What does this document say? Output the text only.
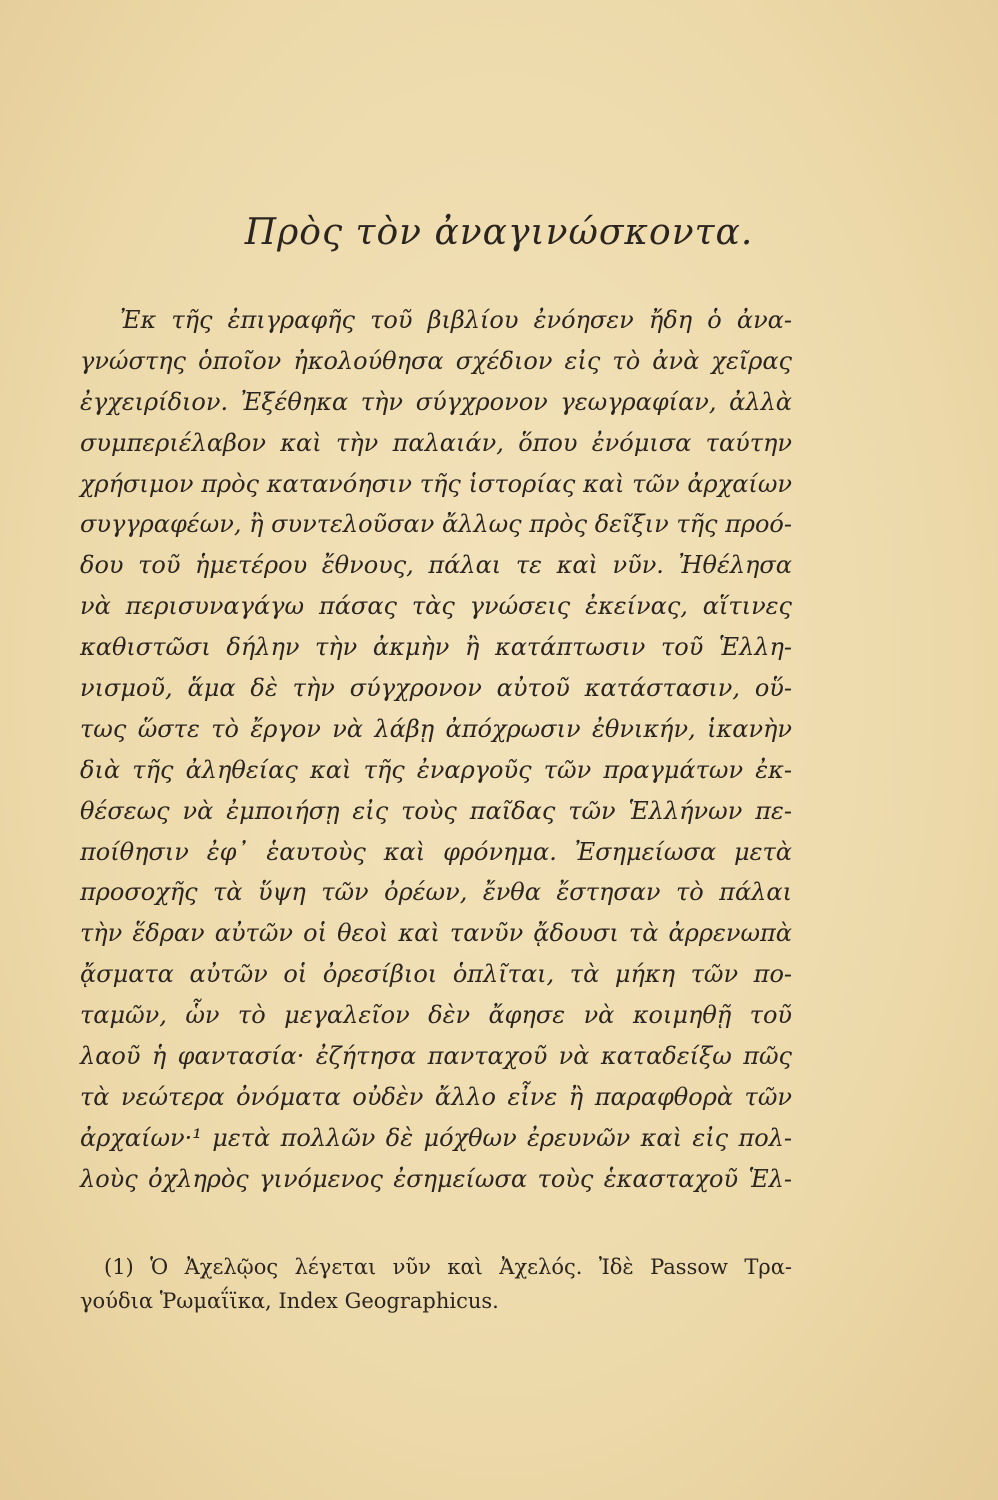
Πρὸς τὸν ἀναγινώσκοντα.
Ἐκ τῆς ἐπιγραφῆς τοῦ βιβλίου ἐνόησεν ἤδη ὁ ἀνα-
γνώστης ὁποῖον ἠκολούθησα σχέδιον εἰς τὸ ἀνὰ χεῖρας
ἐγχειρίδιον. Ἐξέθηκα τὴν σύγχρονον γεωγραφίαν, ἀλλὰ
συμπεριέλαβον καὶ τὴν παλαιάν, ὅπου ἐνόμισα ταύτην
χρήσιμον πρὸς κατανόησιν τῆς ἱστορίας καὶ τῶν ἀρχαίων
συγγραφέων, ἢ συντελοῦσαν ἄλλως πρὸς δεῖξιν τῆς προό-
δου τοῦ ἡμετέρου ἔθνους, πάλαι τε καὶ νῦν. Ἠθέλησα
νὰ περισυναγάγω πάσας τὰς γνώσεις ἐκείνας, αἵτινες
καθιστῶσι δήλην τὴν ἀκμὴν ἢ κατάπτωσιν τοῦ Ἑλλη-
νισμοῦ, ἅμα δὲ τὴν σύγχρονον αὐτοῦ κατάστασιν, οὕ-
τως ὥστε τὸ ἔργον νὰ λάβῃ ἀπόχρωσιν ἐθνικήν, ἱκανὴν
διὰ τῆς ἀληθείας καὶ τῆς ἐναργοῦς τῶν πραγμάτων ἐκ-
θέσεως νὰ ἐμποιήσῃ εἰς τοὺς παῖδας τῶν Ἑλλήνων πε-
ποίθησιν ἐφ᾽ ἑαυτοὺς καὶ φρόνημα. Ἐσημείωσα μετὰ
προσοχῆς τὰ ὕψη τῶν ὀρέων, ἔνθα ἔστησαν τὸ πάλαι
τὴν ἕδραν αὐτῶν οἱ θεοὶ καὶ τανῦν ᾄδουσι τὰ ἀρρενωπὰ
ᾄσματα αὐτῶν οἱ ὀρεσίβιοι ὁπλῖται, τὰ μήκη τῶν πο-
ταμῶν, ὧν τὸ μεγαλεῖον δὲν ἄφησε νὰ κοιμηθῇ τοῦ
λαοῦ ἡ φαντασία· ἐζήτησα πανταχοῦ νὰ καταδείξω πῶς
τὰ νεώτερα ὀνόματα οὐδὲν ἄλλο εἶνε ἢ παραφθορὰ τῶν
ἀρχαίων·¹ μετὰ πολλῶν δὲ μόχθων ἐρευνῶν καὶ εἰς πολ-
λοὺς ὀχληρὸς γινόμενος ἐσημείωσα τοὺς ἑκασταχοῦ Ἑλ-
(1) Ὁ Ἀχελῷος λέγεται νῦν καὶ Ἀχελός. Ἰδὲ Passow Τρα-
γούδια Ῥωμαΐϊκα, Index Geographicus.
